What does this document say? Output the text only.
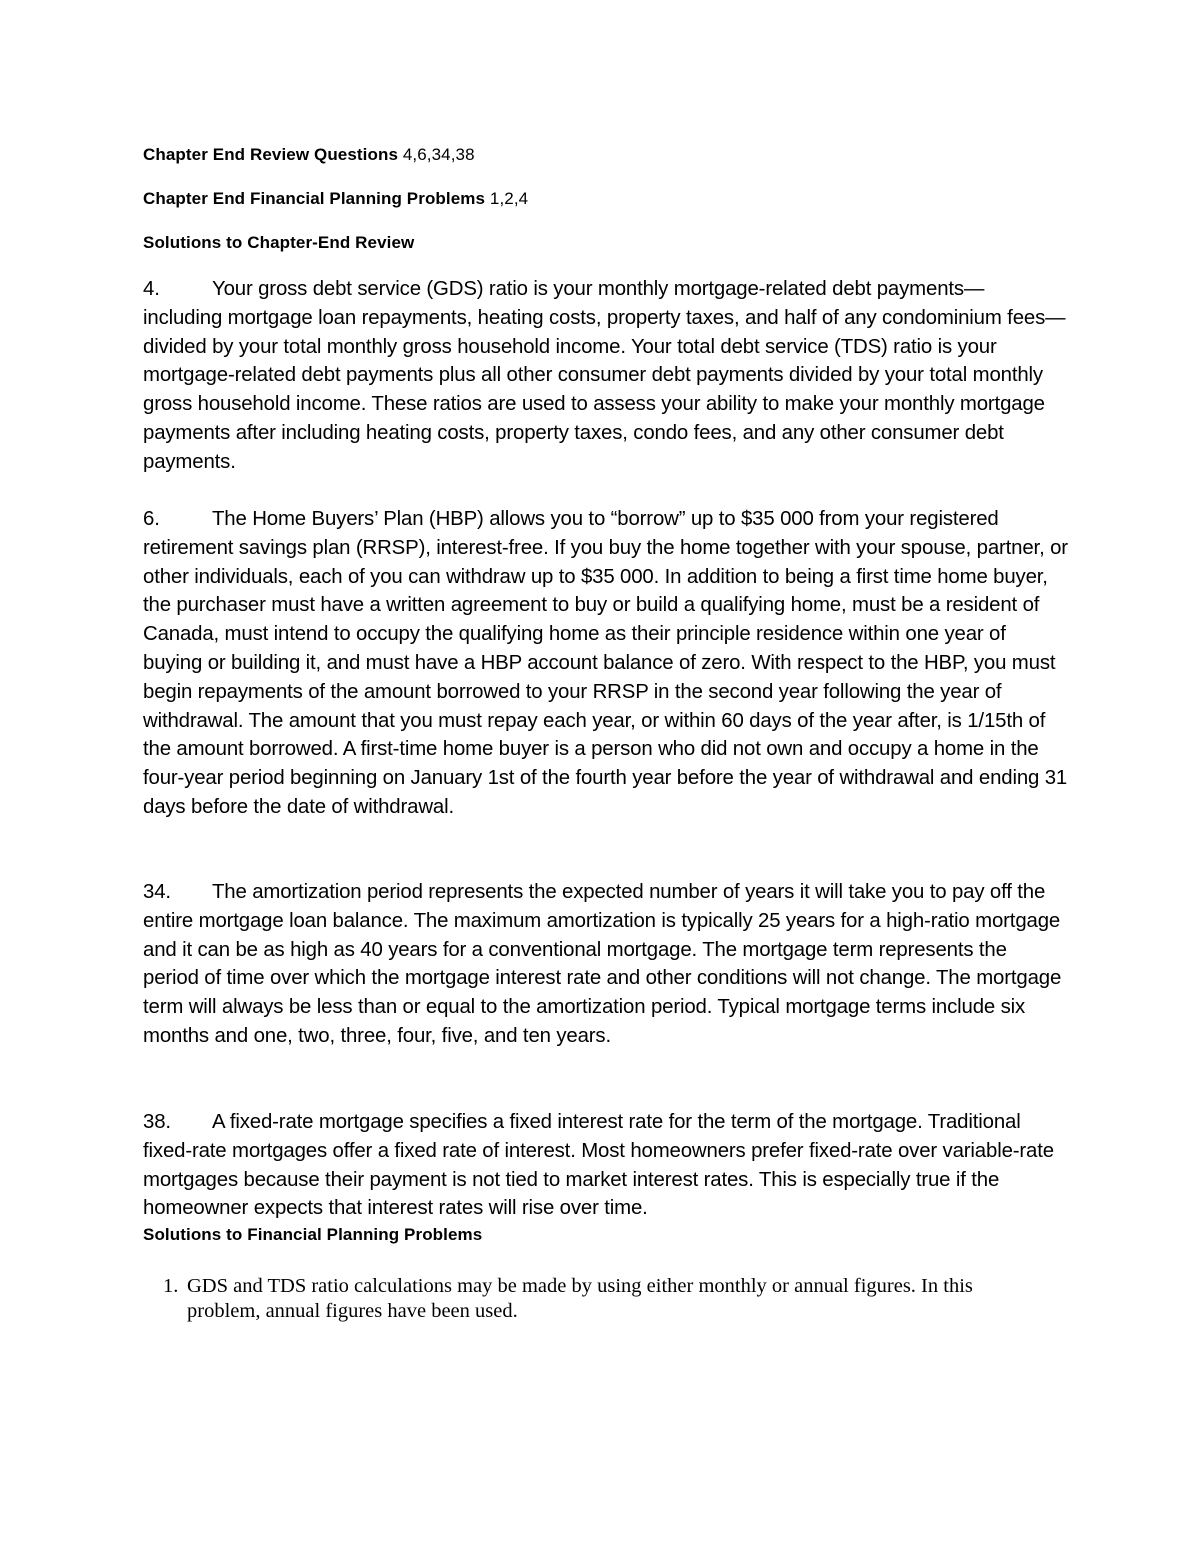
Chapter End Review Questions 4,6,34,38
Chapter End Financial Planning Problems 1,2,4
Solutions to Chapter-End Review
4.	Your gross debt service (GDS) ratio is your monthly mortgage-related debt payments— including mortgage loan repayments, heating costs, property taxes, and half of any condominium fees—divided by your total monthly gross household income. Your total debt service (TDS) ratio is your mortgage-related debt payments plus all other consumer debt payments divided by your total monthly gross household income. These ratios are used to assess your ability to make your monthly mortgage payments after including heating costs, property taxes, condo fees, and any other consumer debt payments.
6.	The Home Buyers’ Plan (HBP) allows you to “borrow” up to $35 000 from your registered retirement savings plan (RRSP), interest-free. If you buy the home together with your spouse, partner, or other individuals, each of you can withdraw up to $35 000. In addition to being a first time home buyer, the purchaser must have a written agreement to buy or build a qualifying home, must be a resident of Canada, must intend to occupy the qualifying home as their principle residence within one year of buying or building it, and must have a HBP account balance of zero. With respect to the HBP, you must begin repayments of the amount borrowed to your RRSP in the second year following the year of withdrawal. The amount that you must repay each year, or within 60 days of the year after, is 1/15th of the amount borrowed. A first-time home buyer is a person who did not own and occupy a home in the four-year period beginning on January 1st of the fourth year before the year of withdrawal and ending 31 days before the date of withdrawal.
34. The amortization period represents the expected number of years it will take you to pay off the entire mortgage loan balance. The maximum amortization is typically 25 years for a high-ratio mortgage and it can be as high as 40 years for a conventional mortgage. The mortgage term represents the period of time over which the mortgage interest rate and other conditions will not change. The mortgage term will always be less than or equal to the amortization period. Typical mortgage terms include six months and one, two, three, four, five, and ten years.
38. A fixed-rate mortgage specifies a fixed interest rate for the term of the mortgage. Traditional fixed-rate mortgages offer a fixed rate of interest. Most homeowners prefer fixed-rate over variable-rate mortgages because their payment is not tied to market interest rates. This is especially true if the homeowner expects that interest rates will rise over time.
Solutions to Financial Planning Problems
1. GDS and TDS ratio calculations may be made by using either monthly or annual figures. In this problem, annual figures have been used.
